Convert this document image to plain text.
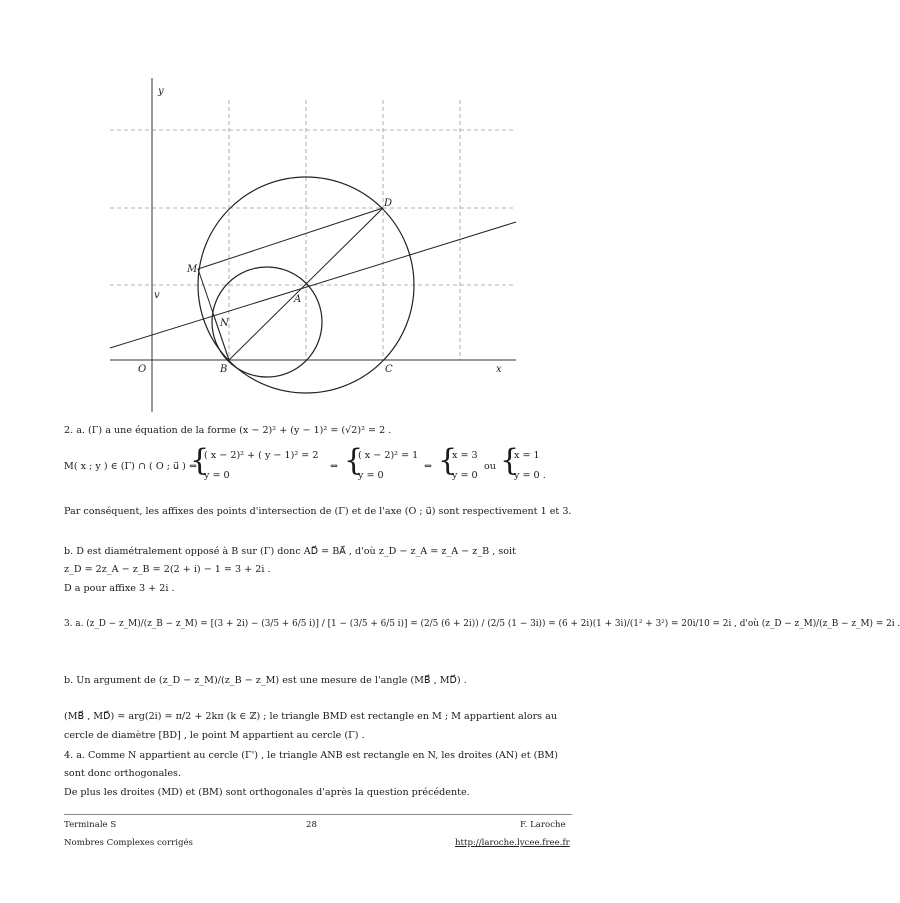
y
x
O
v
B	C
D
M
N
A
2. a. (Γ) a une équation de la forme (x − 2)² + (y − 1)² = (√2)² = 2 .
M( x ; y ) ∈ (Γ) ∩ ( O ; u⃗ ) ⇔
{
( x − 2)² + ( y − 1)² = 2
y = 0
⇔ {
( x − 2)² = 1
y = 0
⇔ {
x = 3
y = 0
ou {
x = 1
y = 0 .
Par conséquent, les affixes des points d'intersection de (Γ) et de l'axe (O ; u⃗) sont respectivement 1 et 3.
b. D est diamétralement opposé à B sur (Γ) donc AD⃗ = BA⃗ , d'où z_D − z_A = z_A − z_B , soit
z_D = 2z_A − z_B = 2(2 + i) − 1 = 3 + 2i .
D a pour affixe 3 + 2i .
3. a. (z_D − z_M)/(z_B − z_M) = [(3 + 2i) − (3/5 + 6/5 i)] / [1 − (3/5 + 6/5 i)] = (2/5 (6 + 2i)) / (2/5 (1 − 3i)) = (6 + 2i)(1 + 3i)/(1² + 3²) = 20i/10 = 2i , d'où (z_D − z_M)/(z_B − z_M) = 2i .
b. Un argument de (z_D − z_M)/(z_B − z_M) est une mesure de l'angle (MB⃗ , MD⃗) .
(MB⃗ , MD⃗) = arg(2i) = π/2 + 2kπ (k ∈ ℤ) ; le triangle BMD est rectangle en M ; M appartient alors au
cercle de diamètre [BD] , le point M appartient au cercle (Γ) .
4. a. Comme N appartient au cercle (Γ') , le triangle ANB est rectangle en N, les droites (AN) et (BM)
sont donc orthogonales.
De plus les droites (MD) et (BM) sont orthogonales d'après la question précédente.
Terminale S
Nombres Complexes corrigés
28	F. Laroche
http://laroche.lycee.free.fr
